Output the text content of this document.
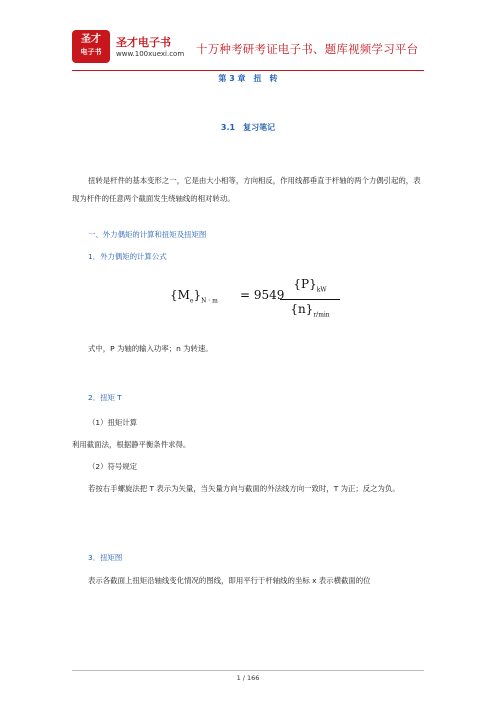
圣才
电子书
圣才电子书
www.100xuexi.com 十万种考研考证电子书、题库视频学习平台
第 3 章　扭　转
3.1　复习笔记
扭转是杆件的基本变形之一，它是由大小相等，方向相反，作用线都垂直于杆轴的两个力偶引起的，表现为杆件的任意两个截面发生绕轴线的相对转动。
一、外力偶矩的计算和扭矩及扭矩图
1．外力偶矩的计算公式
$\{M_e\}_{N \cdot m} = 9549$
$\{P\}_{kW}$
$\{n\}_{r/min}$
式中，P 为轴的输入功率；n 为转速。
2．扭矩 T
（1）扭矩计算
利用截面法，根据静平衡条件求得。
（2）符号规定
若按右手螺旋法把 T 表示为矢量，当矢量方向与截面的外法线方向一致时，T 为正；反之为负。
3．扭矩图
表示各截面上扭矩沿轴线变化情况的图线，即用平行于杆轴线的坐标 x 表示横截面的位
1 / 166
